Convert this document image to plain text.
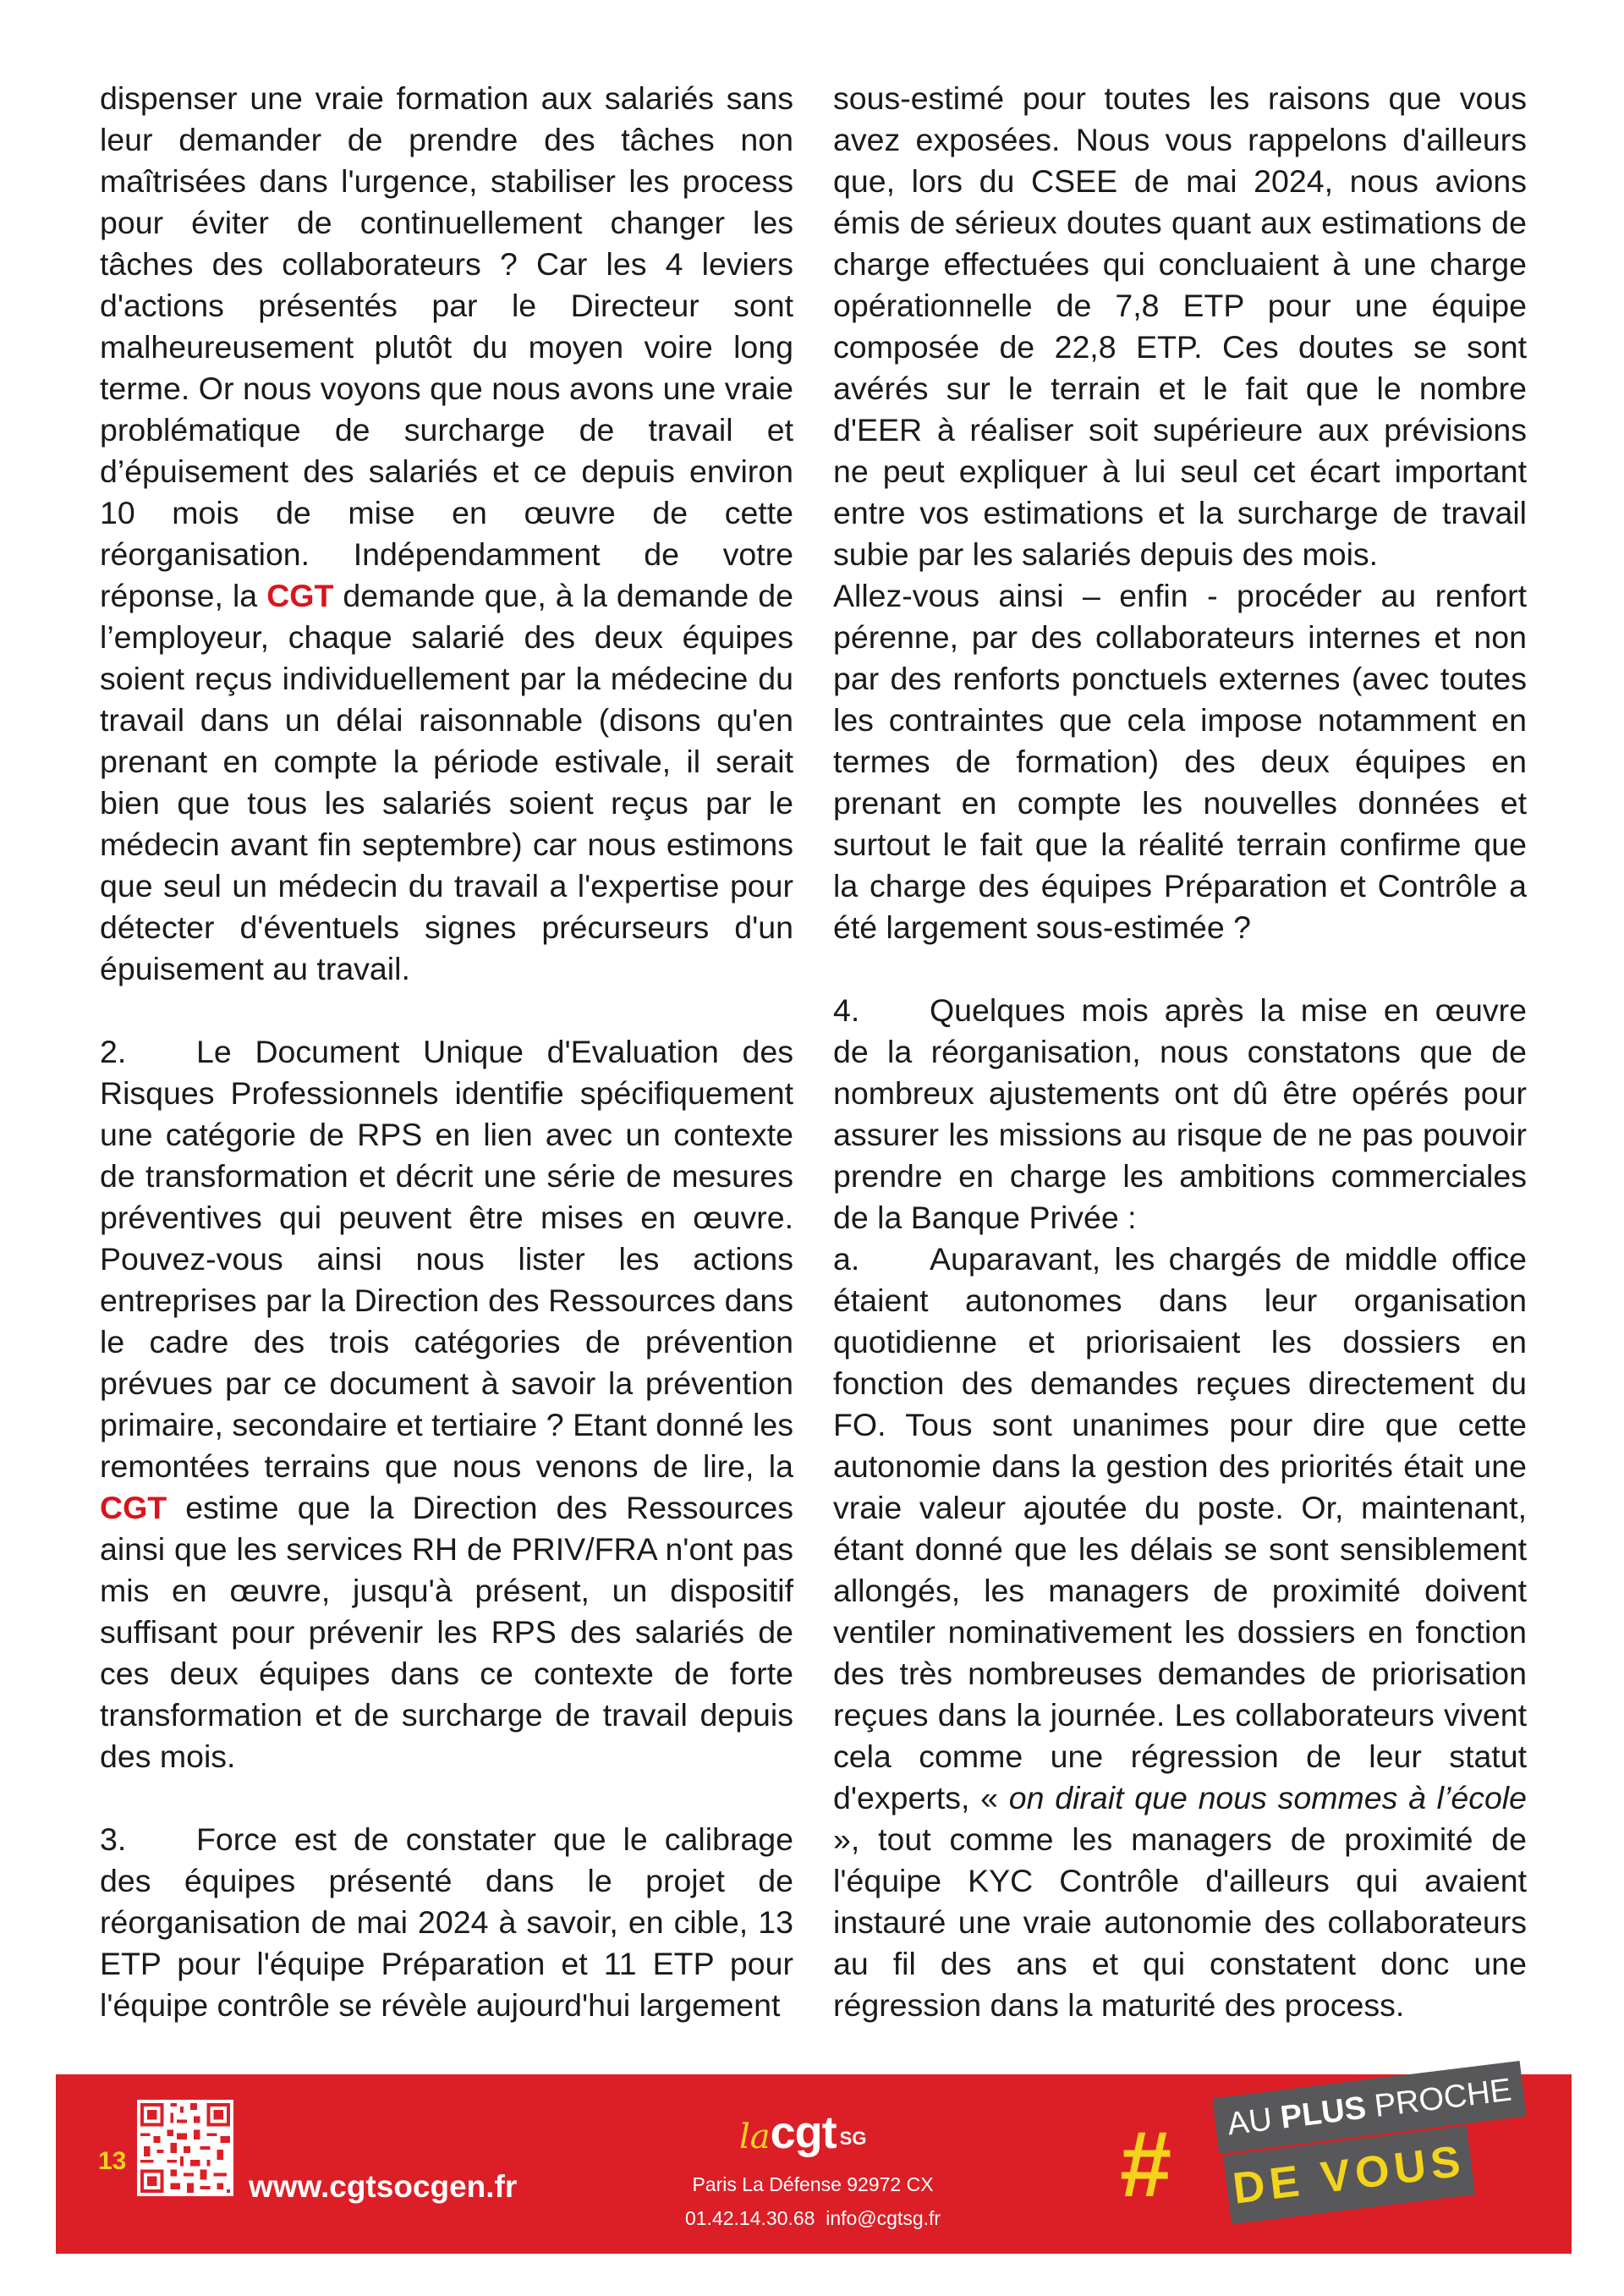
dispenser une vraie formation aux salariés sans leur demander de prendre des tâches non maîtrisées dans l'urgence, stabiliser les process pour éviter de continuellement changer les tâches des collaborateurs ? Car les 4 leviers d'actions présentés par le Directeur sont malheureusement plutôt du moyen voire long terme. Or nous voyons que nous avons une vraie problématique de surcharge de travail et d’épuisement des salariés et ce depuis environ 10 mois de mise en œuvre de cette réorganisation. Indépendamment de votre réponse, la CGT demande que, à la demande de l’employeur, chaque salarié des deux équipes soient reçus individuellement par la médecine du travail dans un délai raisonnable (disons qu'en prenant en compte la période estivale, il serait bien que tous les salariés soient reçus par le médecin avant fin septembre) car nous estimons que seul un médecin du travail a l'expertise pour détecter d'éventuels signes précurseurs d'un épuisement au travail.

2. Le Document Unique d'Evaluation des Risques Professionnels identifie spécifiquement une catégorie de RPS en lien avec un contexte de transformation et décrit une série de mesures préventives qui peuvent être mises en œuvre. Pouvez-vous ainsi nous lister les actions entreprises par la Direction des Ressources dans le cadre des trois catégories de prévention prévues par ce document à savoir la prévention primaire, secondaire et tertiaire ? Etant donné les remontées terrains que nous venons de lire, la CGT estime que la Direction des Ressources ainsi que les services RH de PRIV/FRA n'ont pas mis en œuvre, jusqu'à présent, un dispositif suffisant pour prévenir les RPS des salariés de ces deux équipes dans ce contexte de forte transformation et de surcharge de travail depuis des mois.

3. Force est de constater que le calibrage des équipes présenté dans le projet de réorganisation de mai 2024 à savoir, en cible, 13 ETP pour l'équipe Préparation et 11 ETP pour l'équipe contrôle se révèle aujourd'hui largement

sous-estimé pour toutes les raisons que vous avez exposées. Nous vous rappelons d'ailleurs que, lors du CSEE de mai 2024, nous avions émis de sérieux doutes quant aux estimations de charge effectuées qui concluaient à une charge opérationnelle de 7,8 ETP pour une équipe composée de 22,8 ETP. Ces doutes se sont avérés sur le terrain et le fait que le nombre d'EER à réaliser soit supérieure aux prévisions ne peut expliquer à lui seul cet écart important entre vos estimations et la surcharge de travail subie par les salariés depuis des mois.

Allez-vous ainsi – enfin - procéder au renfort pérenne, par des collaborateurs internes et non par des renforts ponctuels externes (avec toutes les contraintes que cela impose notamment en termes de formation) des deux équipes en prenant en compte les nouvelles données et surtout le fait que la réalité terrain confirme que la charge des équipes Préparation et Contrôle a été largement sous-estimée ?

4. Quelques mois après la mise en œuvre de la réorganisation, nous constatons que de nombreux ajustements ont dû être opérés pour assurer les missions au risque de ne pas pouvoir prendre en charge les ambitions commerciales de la Banque Privée :

a. Auparavant, les chargés de middle office étaient autonomes dans leur organisation quotidienne et priorisaient les dossiers en fonction des demandes reçues directement du FO. Tous sont unanimes pour dire que cette autonomie dans la gestion des priorités était une vraie valeur ajoutée du poste. Or, maintenant, étant donné que les délais se sont sensiblement allongés, les managers de proximité doivent ventiler nominativement les dossiers en fonction des très nombreuses demandes de priorisation reçues dans la journée. Les collaborateurs vivent cela comme une régression de leur statut d'experts, « on dirait que nous sommes à l’école », tout comme les managers de proximité de l'équipe KYC Contrôle d'ailleurs qui avaient instauré une vraie autonomie des collaborateurs au fil des ans et qui constatent donc une régression dans la maturité des process.

13
www.cgtsocgen.fr
lacgt SG
Paris La Défense 92972 CX
01.42.14.30.68 info@cgtsg.fr
#	AU PLUS PROCHE
DE VOUS
